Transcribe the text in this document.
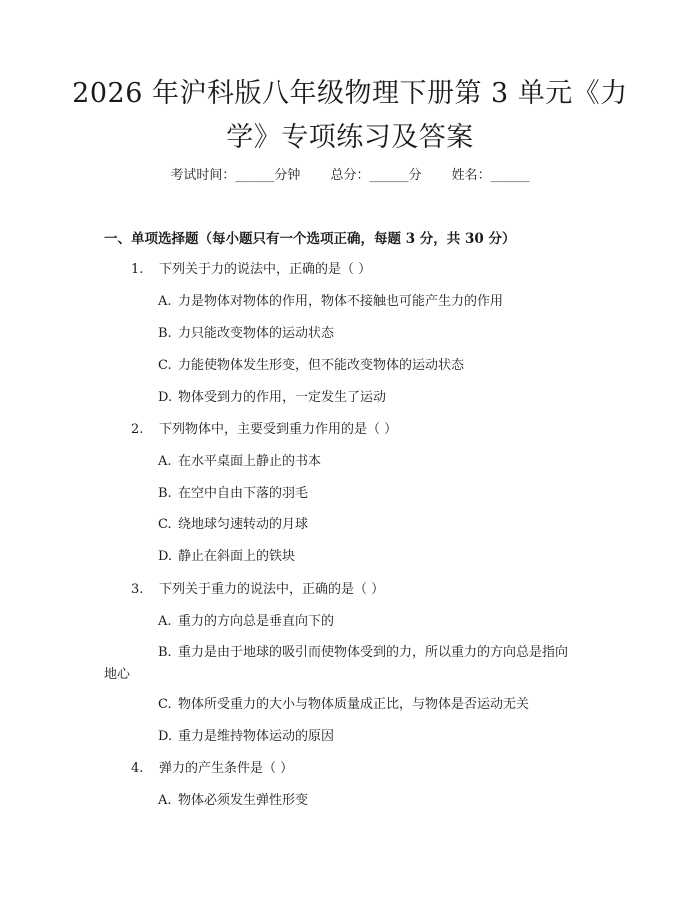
2026 年沪科版八年级物理下册第 3 单元《力
学》专项练习及答案
考试时间：______分钟 总分：______分 姓名：______
一、单项选择题（每小题只有一个选项正确，每题 3 分，共 30 分）
1. 下列关于力的说法中，正确的是（ ）
A. 力是物体对物体的作用，物体不接触也可能产生力的作用
B. 力只能改变物体的运动状态
C. 力能使物体发生形变，但不能改变物体的运动状态
D. 物体受到力的作用，一定发生了运动
2. 下列物体中，主要受到重力作用的是（ ）
A. 在水平桌面上静止的书本
B. 在空中自由下落的羽毛
C. 绕地球匀速转动的月球
D. 静止在斜面上的铁块
3. 下列关于重力的说法中，正确的是（ ）
A. 重力的方向总是垂直向下的
B. 重力是由于地球的吸引而使物体受到的力，所以重力的方向总是指向
地心
C. 物体所受重力的大小与物体质量成正比，与物体是否运动无关
D. 重力是维持物体运动的原因
4. 弹力的产生条件是（ ）
A. 物体必须发生弹性形变
